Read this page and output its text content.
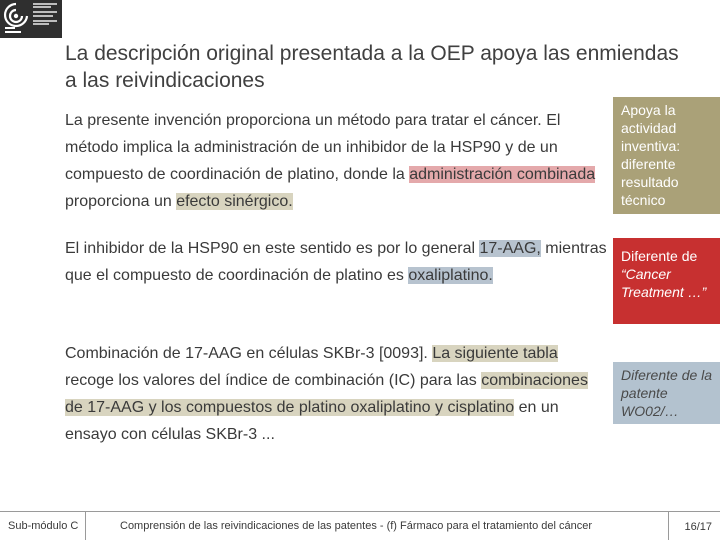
La descripción original presentada a la OEP apoya las enmiendas a las reivindicaciones

La presente invención proporciona un método para tratar el cáncer. El método implica la administración de un inhibidor de la HSP90 y de un compuesto de coordinación de platino, donde la administración combinada proporciona un efecto sinérgico.

El inhibidor de la HSP90 en este sentido es por lo general 17-AAG, mientras que el compuesto de coordinación de platino es oxaliplatino.

Combinación de 17-AAG en células SKBr-3 [0093]. La siguiente tabla recoge los valores del índice de combinación (IC) para las combinaciones de 17-AAG y los compuestos de platino oxaliplatino y cisplatino en un ensayo con células SKBr-3 ...

Apoya la actividad inventiva: diferente resultado técnico
Diferente de “Cancer Treatment …”
Diferente de la patente WO02/…
Sub-módulo C	Comprensión de las reivindicaciones de las patentes - (f) Fármaco para el tratamiento del cáncer	16/17
